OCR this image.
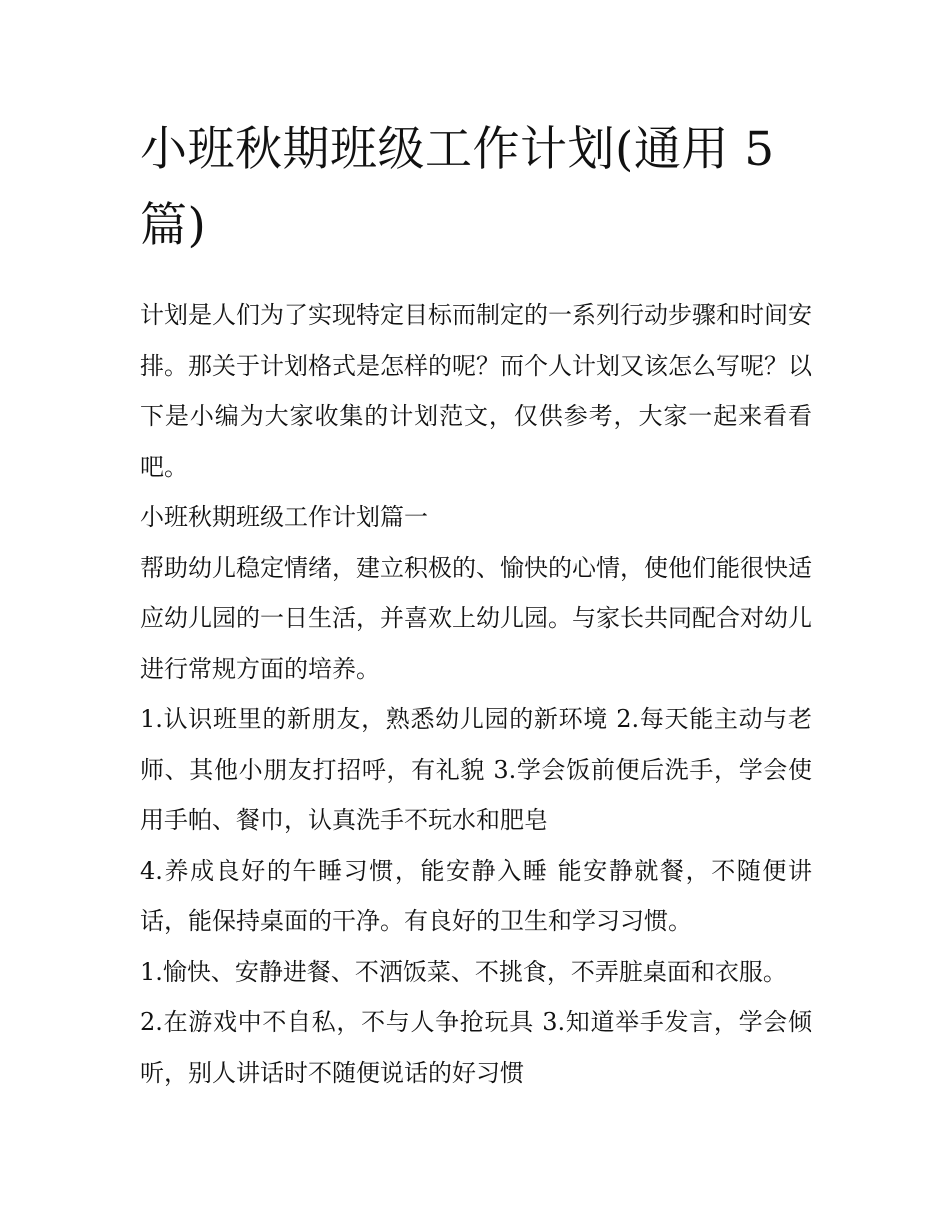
小班秋期班级工作计划(通用 5 篇)

计划是人们为了实现特定目标而制定的一系列行动步骤和时间安排。那关于计划格式是怎样的呢？而个人计划又该怎么写呢？以下是小编为大家收集的计划范文，仅供参考，大家一起来看看吧。

小班秋期班级工作计划篇一

帮助幼儿稳定情绪，建立积极的、愉快的心情，使他们能很快适应幼儿园的一日生活，并喜欢上幼儿园。与家长共同配合对幼儿进行常规方面的培养。

1.认识班里的新朋友，熟悉幼儿园的新环境 2.每天能主动与老师、其他小朋友打招呼，有礼貌 3.学会饭前便后洗手，学会使用手帕、餐巾，认真洗手不玩水和肥皂

4.养成良好的午睡习惯，能安静入睡 能安静就餐，不随便讲话，能保持桌面的干净。有良好的卫生和学习习惯。

1.愉快、安静进餐、不洒饭菜、不挑食，不弄脏桌面和衣服。

2.在游戏中不自私，不与人争抢玩具 3.知道举手发言，学会倾听，别人讲话时不随便说话的好习惯
